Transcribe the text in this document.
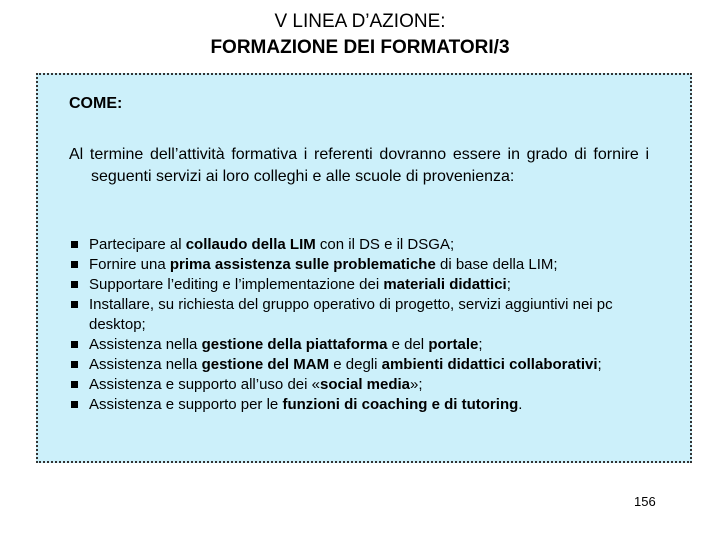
V LINEA D’AZIONE:
FORMAZIONE DEI FORMATORI/3
COME:
Al termine dell’attività formativa i referenti dovranno essere in grado di fornire i seguenti servizi ai loro colleghi e alle scuole di provenienza:
Partecipare al collaudo della LIM con il DS e il DSGA;
Fornire una prima assistenza sulle problematiche di base della LIM;
Supportare l’editing e l’implementazione dei materiali didattici;
Installare, su richiesta del gruppo operativo di progetto, servizi aggiuntivi nei pc desktop;
Assistenza nella gestione della piattaforma e del portale;
Assistenza nella gestione del MAM e degli ambienti didattici collaborativi;
Assistenza e supporto all’uso dei «social media»;
Assistenza e supporto per le funzioni di coaching e di tutoring.
156
